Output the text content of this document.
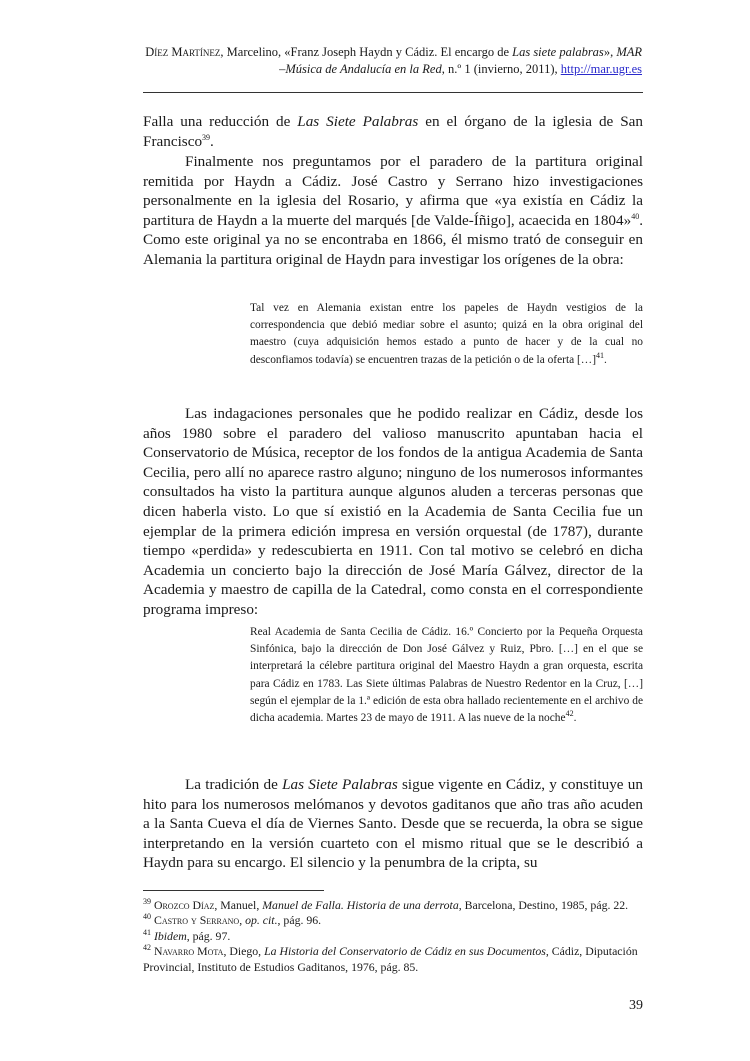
Díez Martínez, Marcelino, «Franz Joseph Haydn y Cádiz. El encargo de Las siete palabras», MAR
–Música de Andalucía en la Red, n.º 1 (invierno, 2011), http://mar.ugr.es

Falla una reducción de Las Siete Palabras en el órgano de la iglesia de San Francisco$^{39}$.

Finalmente nos preguntamos por el paradero de la partitura original remitida por Haydn a Cádiz. José Castro y Serrano hizo investigaciones personalmente en la iglesia del Rosario, y afirma que «ya existía en Cádiz la partitura de Haydn a la muerte del marqués [de Valde-Íñigo], acaecida en 1804»$^{40}$. Como este original ya no se encontraba en 1866, él mismo trató de conseguir en Alemania la partitura original de Haydn para investigar los orígenes de la obra:

Tal vez en Alemania existan entre los papeles de Haydn vestigios de la correspondencia que debió mediar sobre el asunto; quizá en la obra original del maestro (cuya adquisición hemos estado a punto de hacer y de la cual no desconfiamos todavía) se encuentren trazas de la petición o de la oferta […]$^{41}$.

Las indagaciones personales que he podido realizar en Cádiz, desde los años 1980 sobre el paradero del valioso manuscrito apuntaban hacia el Conservatorio de Música, receptor de los fondos de la antigua Academia de Santa Cecilia, pero allí no aparece rastro alguno; ninguno de los numerosos informantes consultados ha visto la partitura aunque algunos aluden a terceras personas que dicen haberla visto. Lo que sí existió en la Academia de Santa Cecilia fue un ejemplar de la primera edición impresa en versión orquestal (de 1787), durante tiempo «perdida» y redescubierta en 1911. Con tal motivo se celebró en dicha Academia un concierto bajo la dirección de José María Gálvez, director de la Academia y maestro de capilla de la Catedral, como consta en el correspondiente programa impreso:

Real Academia de Santa Cecilia de Cádiz. 16.º Concierto por la Pequeña Orquesta Sinfónica, bajo la dirección de Don José Gálvez y Ruiz, Pbro. […] en el que se interpretará la célebre partitura original del Maestro Haydn a gran orquesta, escrita para Cádiz en 1783. Las Siete últimas Palabras de Nuestro Redentor en la Cruz, […] según el ejemplar de la 1.ª edición de esta obra hallado recientemente en el archivo de dicha academia. Martes 23 de mayo de 1911. A las nueve de la noche$^{42}$.

La tradición de Las Siete Palabras sigue vigente en Cádiz, y constituye un hito para los numerosos melómanos y devotos gaditanos que año tras año acuden a la Santa Cueva el día de Viernes Santo. Desde que se recuerda, la obra se sigue interpretando en la versión cuarteto con el mismo ritual que se le describió a Haydn para su encargo. El silencio y la penumbra de la cripta, su

$^{39}$ Orozco Díaz, Manuel, Manuel de Falla. Historia de una derrota, Barcelona, Destino, 1985, pág. 22.

$^{40}$ Castro y Serrano, op. cit., pág. 96.

$^{41}$ Ibidem, pág. 97.

$^{42}$ Navarro Mota, Diego, La Historia del Conservatorio de Cádiz en sus Documentos, Cádiz, Diputación Provincial, Instituto de Estudios Gaditanos, 1976, pág. 85.

39
